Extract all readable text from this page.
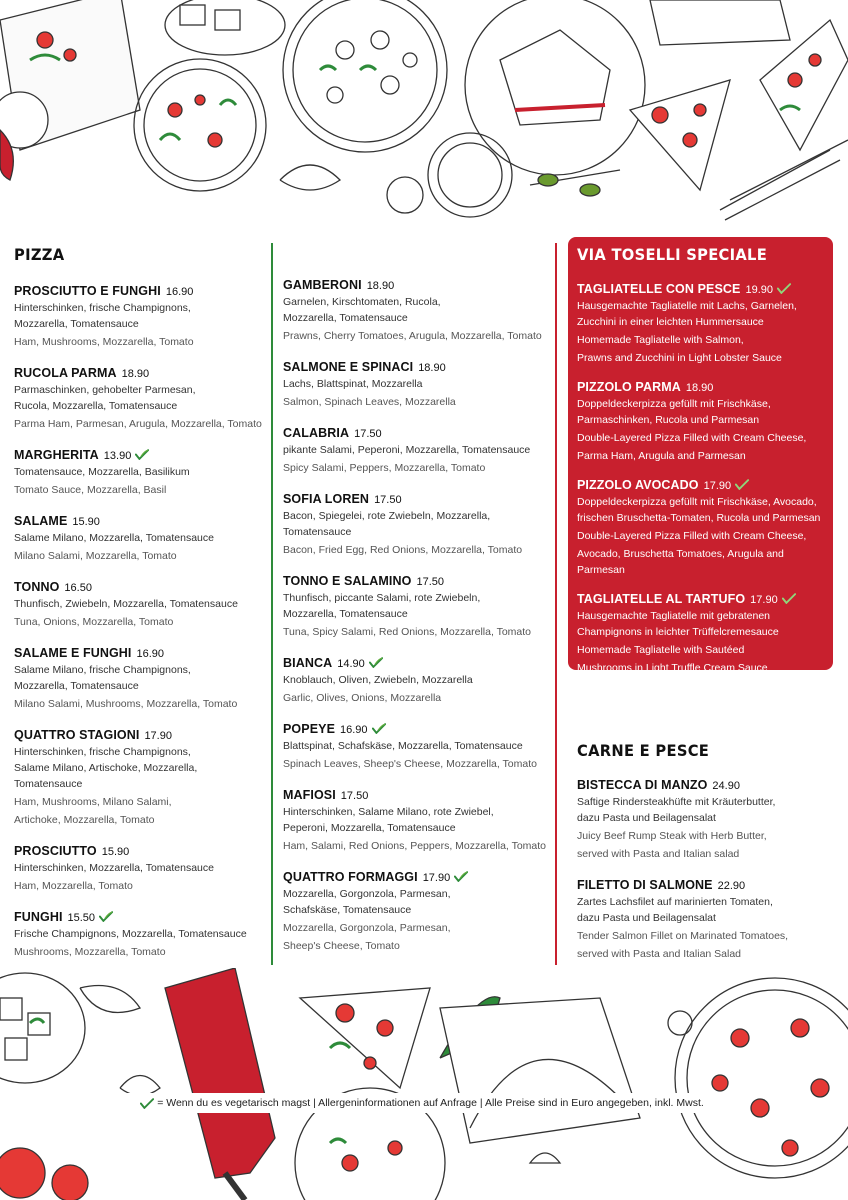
PIZZA
PROSCIUTTO E FUNGHI 16.90
Hinterschinken, frische Champignons,
Mozzarella, Tomatensauce
Ham, Mushrooms, Mozzarella, Tomato
RUCOLA PARMA 18.90
Parmaschinken, gehobelter Parmesan,
Rucola, Mozzarella, Tomatensauce
Parma Ham, Parmesan, Arugula, Mozzarella, Tomato
MARGHERITA 13.90
Tomatensauce, Mozzarella, Basilikum
Tomato Sauce, Mozzarella, Basil
SALAME 15.90
Salame Milano, Mozzarella, Tomatensauce
Milano Salami, Mozzarella, Tomato
TONNO 16.50
Thunfisch, Zwiebeln, Mozzarella, Tomatensauce
Tuna, Onions, Mozzarella, Tomato
SALAME E FUNGHI 16.90
Salame Milano, frische Champignons,
Mozzarella, Tomatensauce
Milano Salami, Mushrooms, Mozzarella, Tomato
QUATTRO STAGIONI 17.90
Hinterschinken, frische Champignons,
Salame Milano, Artischoke, Mozzarella, Tomatensauce
Ham, Mushrooms, Milano Salami,
Artichoke, Mozzarella, Tomato
PROSCIUTTO 15.90
Hinterschinken, Mozzarella, Tomatensauce
Ham, Mozzarella, Tomato
FUNGHI 15.50
Frische Champignons, Mozzarella, Tomatensauce
Mushrooms, Mozzarella, Tomato
GAMBERONI 18.90
Garnelen, Kirschtomaten, Rucola,
Mozzarella, Tomatensauce
Prawns, Cherry Tomatoes, Arugula, Mozzarella, Tomato
SALMONE E SPINACI 18.90
Lachs, Blattspinat, Mozzarella
Salmon, Spinach Leaves, Mozzarella
CALABRIA 17.50
pikante Salami, Peperoni, Mozzarella, Tomatensauce
Spicy Salami, Peppers, Mozzarella, Tomato
SOFIA LOREN 17.50
Bacon, Spiegelei, rote Zwiebeln, Mozzarella, Tomatensauce
Bacon, Fried Egg, Red Onions, Mozzarella, Tomato
TONNO E SALAMINO 17.50
Thunfisch, piccante Salami, rote Zwiebeln,
Mozzarella, Tomatensauce
Tuna, Spicy Salami, Red Onions, Mozzarella, Tomato
BIANCA 14.90
Knoblauch, Oliven, Zwiebeln, Mozzarella
Garlic, Olives, Onions, Mozzarella
POPEYE 16.90
Blattspinat, Schafskäse, Mozzarella, Tomatensauce
Spinach Leaves, Sheep's Cheese, Mozzarella, Tomato
MAFIOSI 17.50
Hinterschinken, Salame Milano, rote Zwiebel,
Peperoni, Mozzarella, Tomatensauce
Ham, Salami, Red Onions, Peppers, Mozzarella, Tomato
QUATTRO FORMAGGI 17.90
Mozzarella, Gorgonzola, Parmesan,
Schafskäse, Tomatensauce
Mozzarella, Gorgonzola, Parmesan,
Sheep's Cheese, Tomato
VIA TOSELLI SPECIALE
TAGLIATELLE CON PESCE 19.90
Hausgemachte Tagliatelle mit Lachs, Garnelen,
Zucchini in einer leichten Hummersauce
Homemade Tagliatelle with Salmon,
Prawns and Zucchini in Light Lobster Sauce
PIZZOLO PARMA 18.90
Doppeldeckerpizza gefüllt mit Frischkäse,
Parmaschinken, Rucola und Parmesan
Double-Layered Pizza Filled with Cream Cheese,
Parma Ham, Arugula and Parmesan
PIZZOLO AVOCADO 17.90
Doppeldeckerpizza gefüllt mit Frischkäse, Avocado,
frischen Bruschetta-Tomaten, Rucola und Parmesan
Double-Layered Pizza Filled with Cream Cheese,
Avocado, Bruschetta Tomatoes, Arugula and Parmesan
TAGLIATELLE AL TARTUFO 17.90
Hausgemachte Tagliatelle mit gebratenen
Champignons in leichter Trüffelcremesauce
Homemade Tagliatelle with Sautéed
Mushrooms in Light Truffle Cream Sauce
CARNE E PESCE
BISTECCA DI MANZO 24.90
Saftige Rindersteakhüfte mit Kräuterbutter,
dazu Pasta und Beilagensalat
Juicy Beef Rump Steak with Herb Butter,
served with Pasta and Italian salad
FILETTO DI SALMONE 22.90
Zartes Lachsfilet auf marinierten Tomaten,
dazu Pasta und Beilagensalat
Tender Salmon Fillet on Marinated Tomatoes,
served with Pasta and Italian Salad
= Wenn du es vegetarisch magst | Allergeninformationen auf Anfrage | Alle Preise sind in Euro angegeben, inkl. Mwst.
